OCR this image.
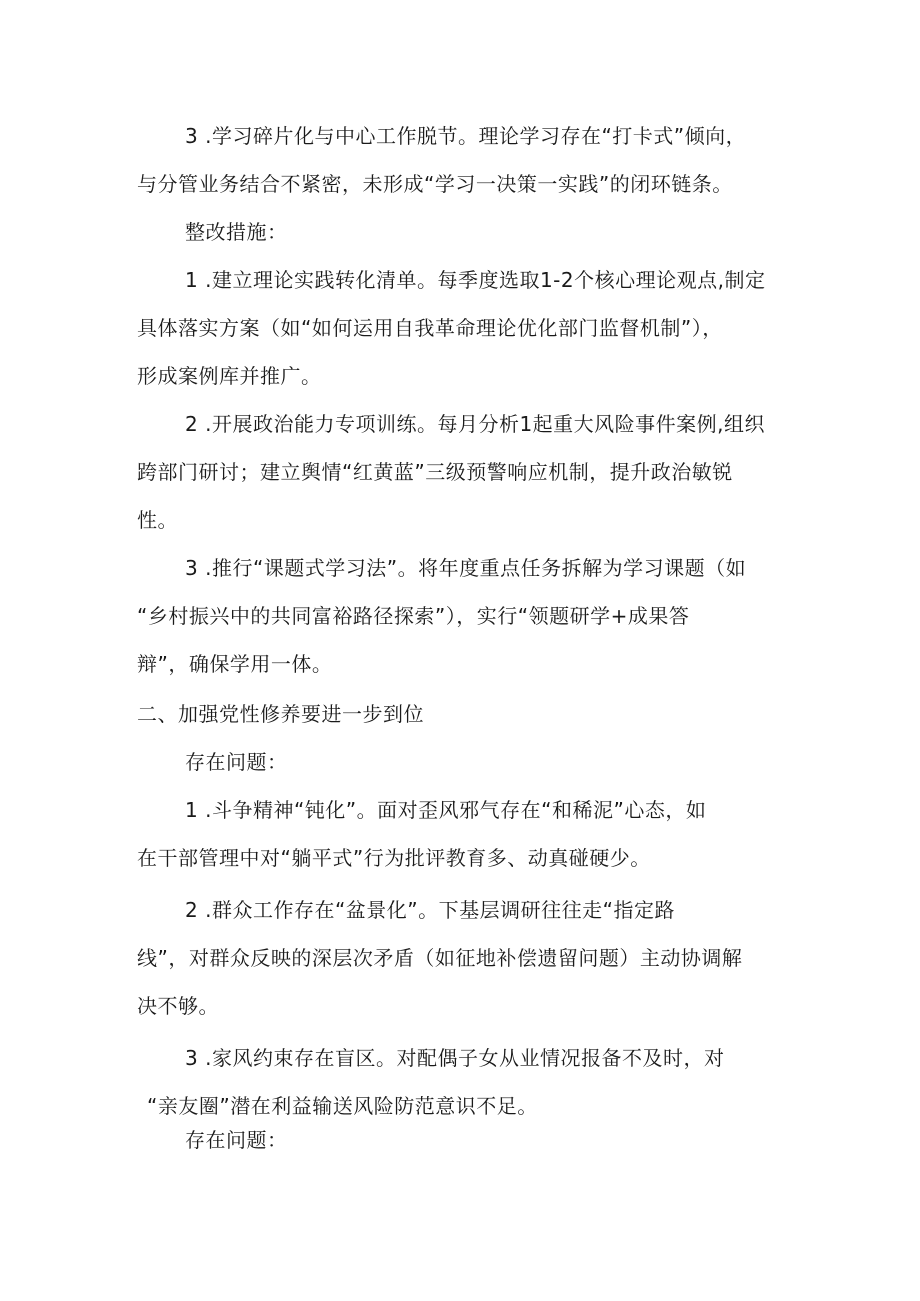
3 .学习碎片化与中心工作脱节。理论学习存在“打卡式”倾向，
与分管业务结合不紧密，未形成“学习一决策一实践”的闭环链条。
整改措施：
1 .建立理论实践转化清单。每季度选取1-2个核心理论观点,制定
具体落实方案（如“如何运用自我革命理论优化部门监督机制”），
形成案例库并推广。
2 .开展政治能力专项训练。每月分析1起重大风险事件案例,组织
跨部门研讨；建立舆情“红黄蓝”三级预警响应机制，提升政治敏锐
性。
3 .推行“课题式学习法”。将年度重点任务拆解为学习课题（如
“乡村振兴中的共同富裕路径探索”），实行“领题研学+成果答
辩”，确保学用一体。
二、加强党性修养要进一步到位
存在问题：
1 .斗争精神“钝化”。面对歪风邪气存在“和稀泥”心态，如
在干部管理中对“躺平式”行为批评教育多、动真碰硬少。
2 .群众工作存在“盆景化”。下基层调研往往走“指定路
线”，对群众反映的深层次矛盾（如征地补偿遗留问题）主动协调解
决不够。
3 .家风约束存在盲区。对配偶子女从业情况报备不及时，对
“亲友圈”潜在利益输送风险防范意识不足。
存在问题：
